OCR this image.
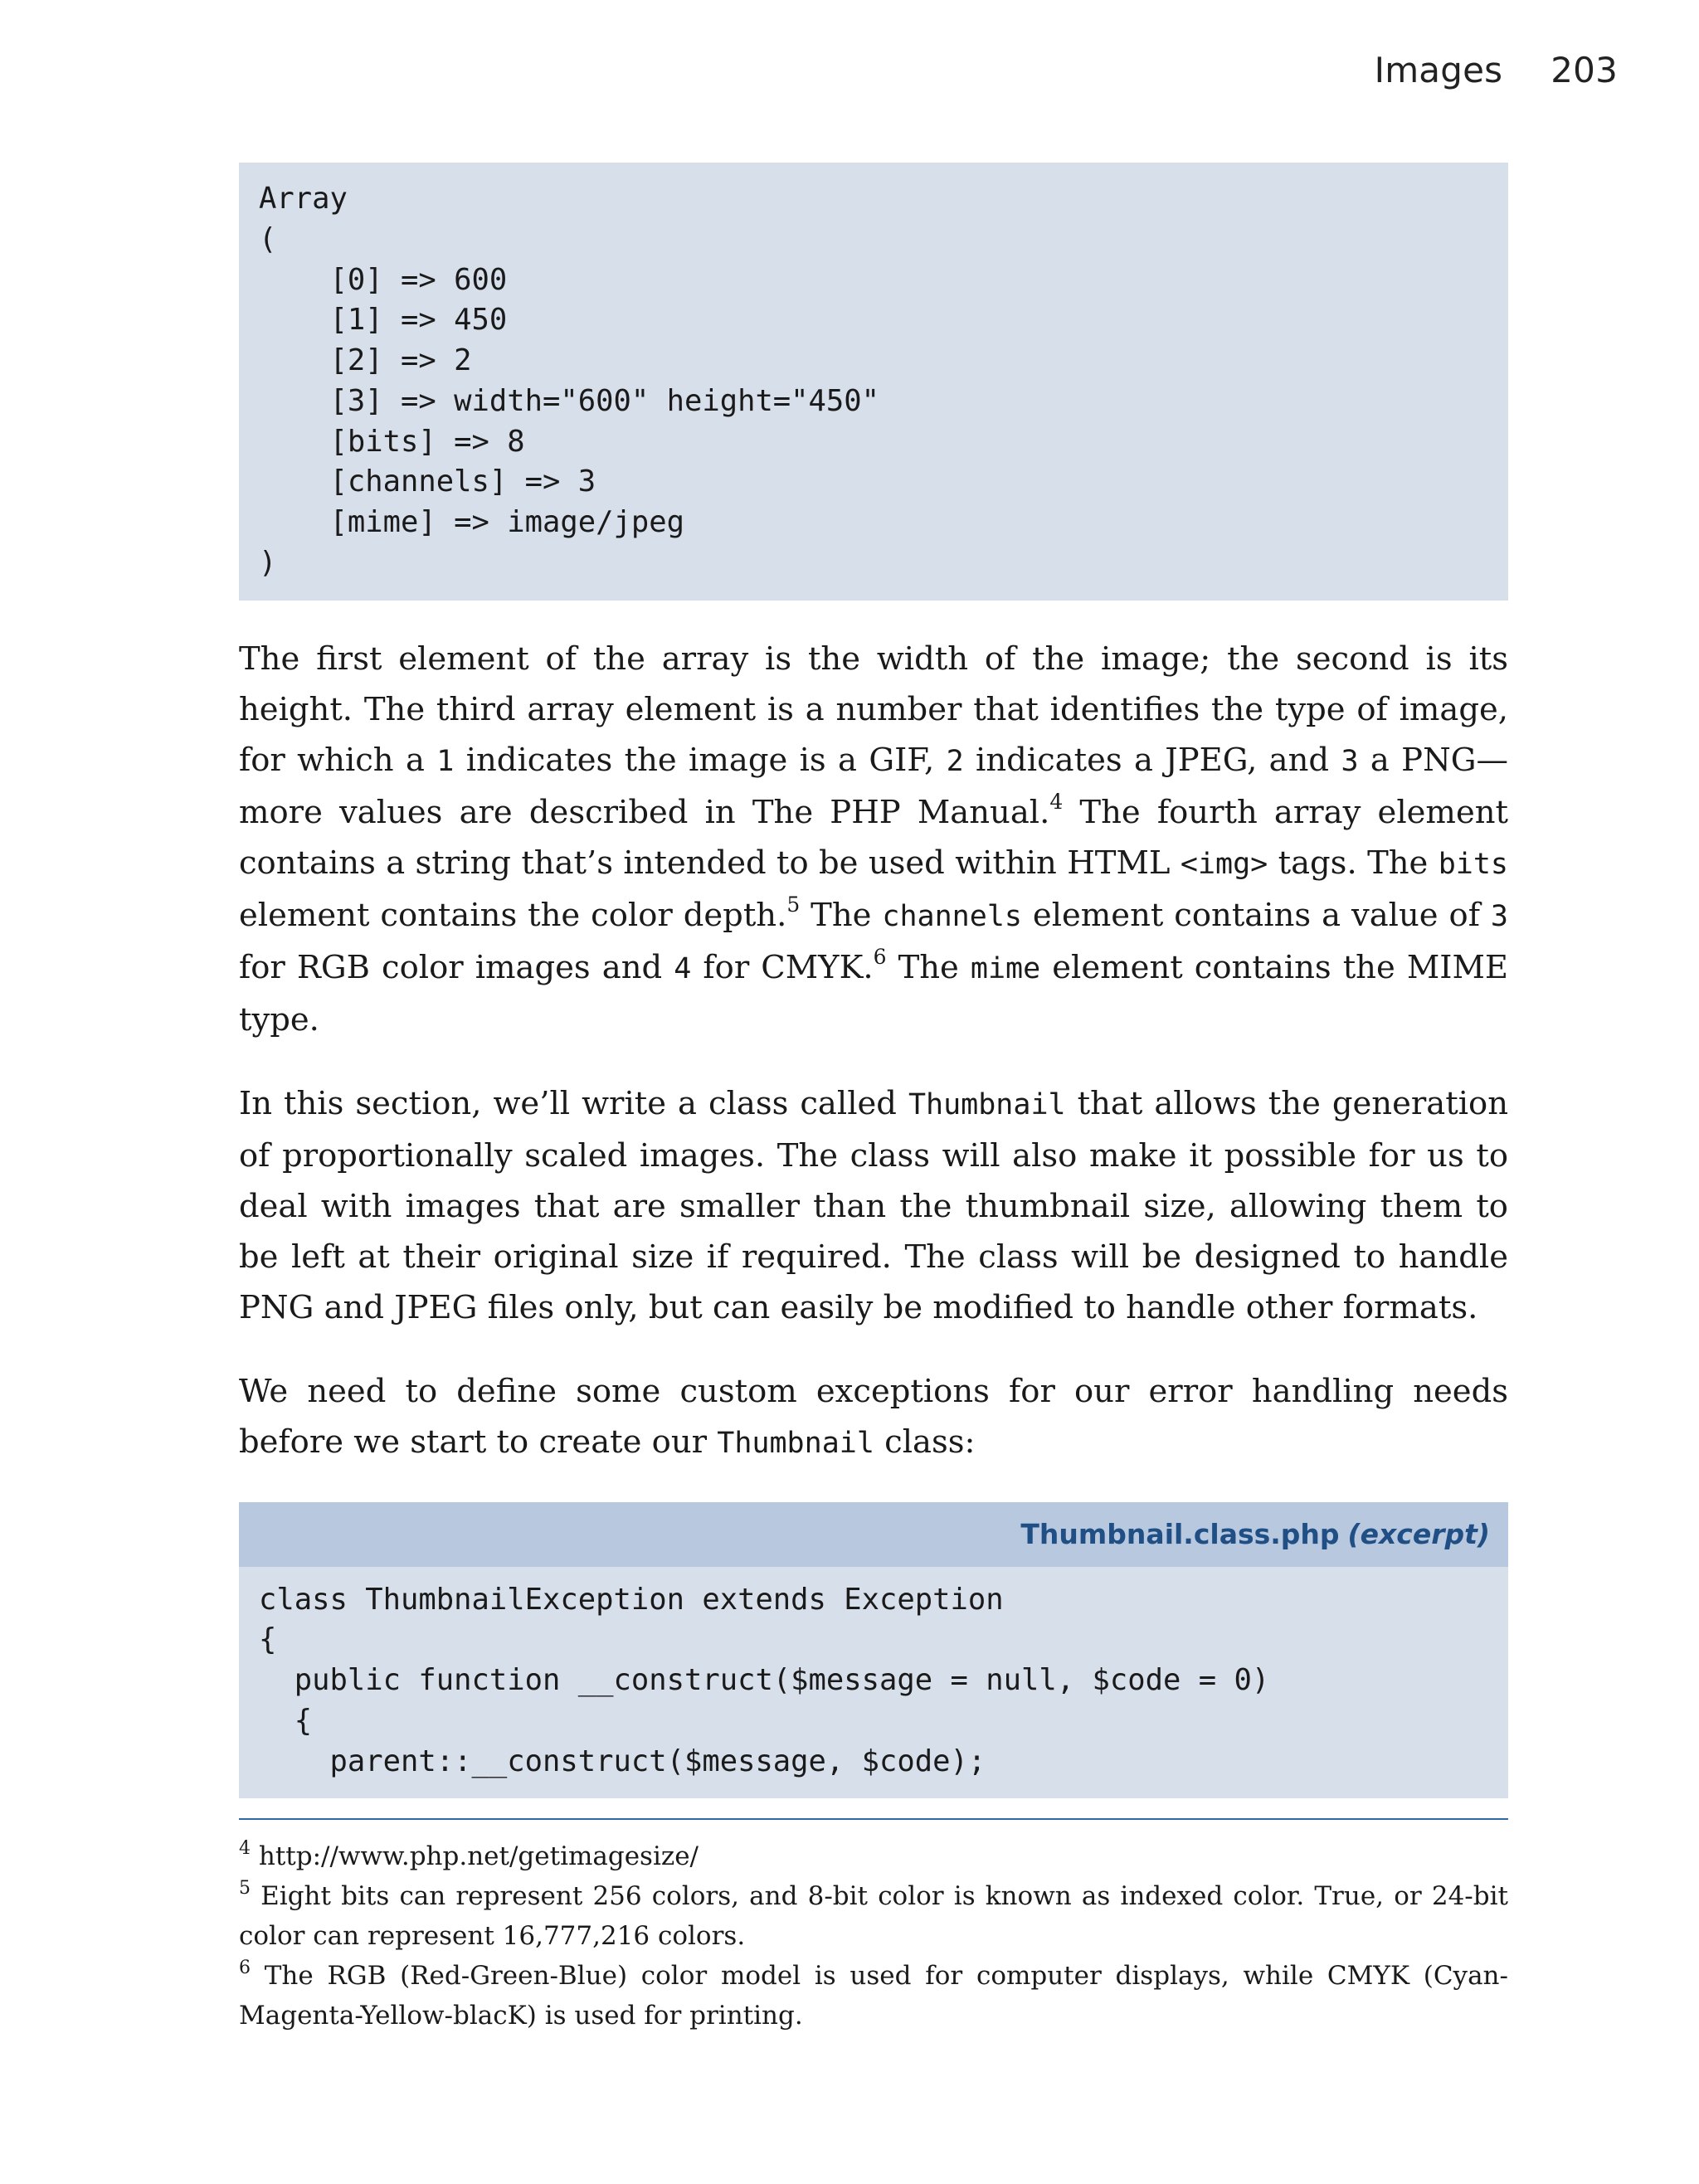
Images 203
Array
(
[0] => 600
[1] => 450
[2] => 2
[3] => width="600" height="450"
[bits] => 8
[channels] => 3
[mime] => image/jpeg
)

The first element of the array is the width of the image; the second is its height. The third array element is a number that identifies the type of image, for which a 1 indicates the image is a GIF, 2 indicates a JPEG, and 3 a PNG—more values are described in The PHP Manual.$^4$ The fourth array element contains a string that’s intended to be used within HTML <img> tags. The bits element contains the color depth.$^5$ The channels element contains a value of 3 for RGB color images and 4 for CMYK.$^6$ The mime element contains the MIME type.

In this section, we’ll write a class called Thumbnail that allows the generation of proportionally scaled images. The class will also make it possible for us to deal with images that are smaller than the thumbnail size, allowing them to be left at their original size if required. The class will be designed to handle PNG and JPEG files only, but can easily be modified to handle other formats.

We need to define some custom exceptions for our error handling needs before we start to create our Thumbnail class:

Thumbnail.class.php (excerpt)
class ThumbnailException extends Exception
{
public function __construct($message = null, $code = 0)
{
parent::__construct($message, $code);

$^4$ http://www.php.net/getimagesize/

$^5$ Eight bits can represent 256 colors, and 8-bit color is known as indexed color. True, or 24-bit color can represent 16,777,216 colors.

$^6$ The RGB (Red-Green-Blue) color model is used for computer displays, while CMYK (Cyan-Magenta-Yellow-blacK) is used for printing.
